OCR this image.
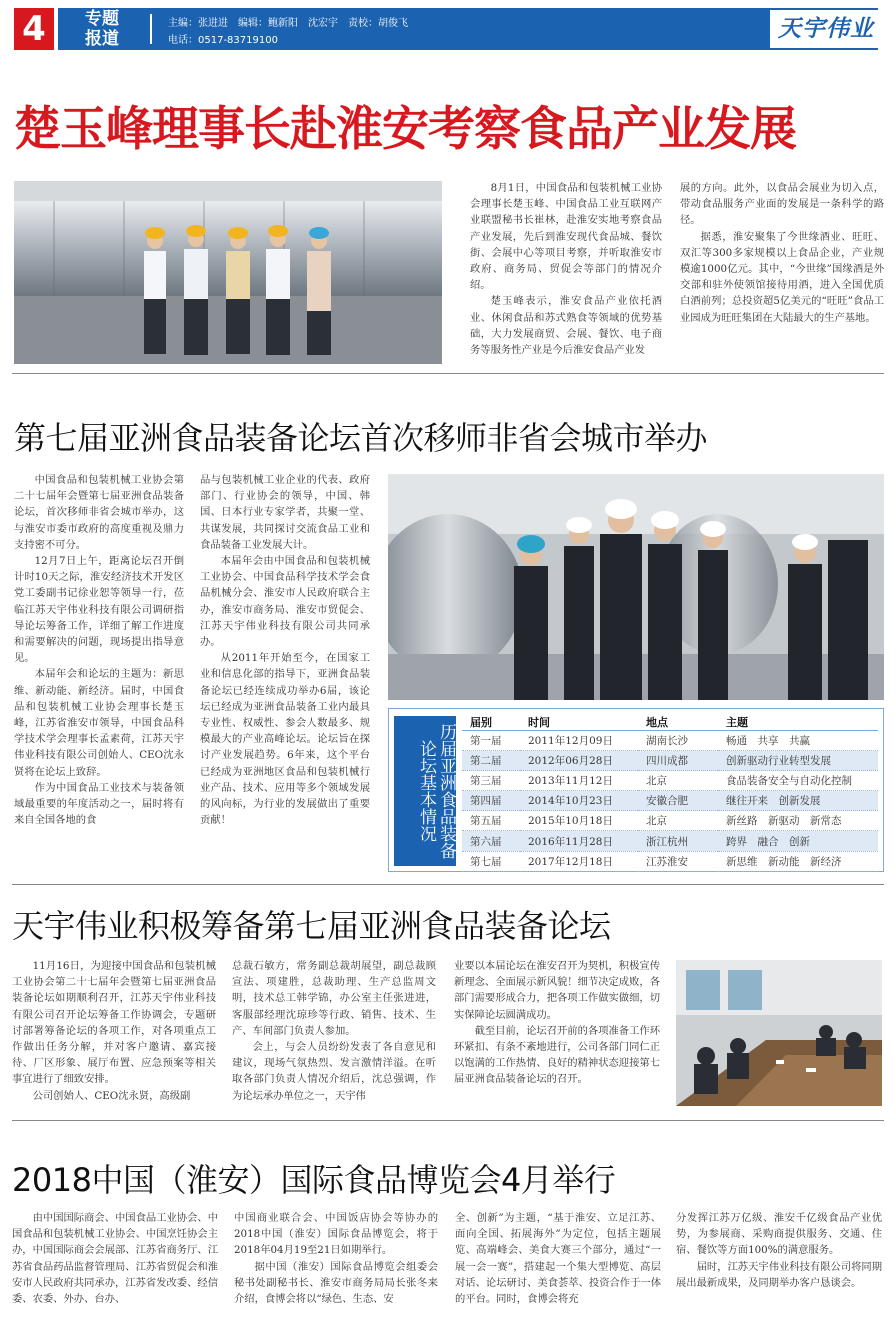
4	专题
报道
主编：张进进　编辑：鲍新阳　沈宏宇　责校：胡俊飞
电话：0517-83719100	天宇伟业
楚玉峰理事长赴淮安考察食品产业发展

8月1日，中国食品和包装机械工业协会理事长楚玉峰、中国食品工业互联网产业联盟秘书长崔林，赴淮安实地考察食品产业发展，先后到淮安现代食品城、餐饮街、会展中心等项目考察，并听取淮安市政府、商务局、贸促会等部门的情况介绍。

楚玉峰表示，淮安食品产业依托酒业、休闲食品和苏式熟食等领域的优势基础，大力发展商贸、会展、餐饮、电子商务等服务性产业是今后淮安食品产业发

展的方向。此外，以食品会展业为切入点，带动食品服务产业面的发展是一条科学的路径。

据悉，淮安聚集了今世缘酒业、旺旺、双汇等300多家规模以上食品企业，产业规模逾1000亿元。其中，“今世缘”国缘酒是外交部和驻外使领馆接待用酒，进入全国优质白酒前列；总投资超5亿美元的“旺旺”食品工业园成为旺旺集团在大陆最大的生产基地。

第七届亚洲食品装备论坛首次移师非省会城市举办

中国食品和包装机械工业协会第二十七届年会暨第七届亚洲食品装备论坛，首次移师非省会城市举办，这与淮安市委市政府的高度重视及鼎力支持密不可分。

12月7日上午，距离论坛召开倒计时10天之际，淮安经济技术开发区党工委副书记徐业恕等领导一行，莅临江苏天宇伟业科技有限公司调研指导论坛筹备工作，详细了解工作进度和需要解决的问题，现场提出指导意见。

本届年会和论坛的主题为：新思维、新动能、新经济。届时，中国食品和包装机械工业协会理事长楚玉峰，江苏省淮安市领导，中国食品科学技术学会理事长孟素荷，江苏天宇伟业科技有限公司创始人、CEO沈永贤将在论坛上致辞。

作为中国食品工业技术与装备领域最重要的年度活动之一，届时将有来自全国各地的食

品与包装机械工业企业的代表、政府部门、行业协会的领导，中国、韩国、日本行业专家学者，共聚一堂、共谋发展，共同探讨交流食品工业和食品装备工业发展大计。

本届年会由中国食品和包装机械工业协会、中国食品科学技术学会食品机械分会、淮安市人民政府联合主办，淮安市商务局、淮安市贸促会、江苏天宇伟业科技有限公司共同承办。

从2011年开始至今，在国家工业和信息化部的指导下，亚洲食品装备论坛已经连续成功举办6届，该论坛已经成为亚洲食品装备工业内最具专业性、权威性、参会人数最多、规模最大的产业高峰论坛。论坛旨在探讨产业发展趋势。6年来，这个平台已经成为亚洲地区食品和包装机械行业产品、技术、应用等多个领域发展的风向标，为行业的发展做出了重要贡献！	历届亚洲食品装备论坛基本情况
届别	时间	地点	主题
第一届	2011年12月09日	湖南长沙	畅通　共享　共赢
第二届	2012年06月28日	四川成都	创新驱动行业转型发展
第三届	2013年11月12日	北京	食品装备安全与自动化控制
第四届	2014年10月23日	安徽合肥	继往开来　创新发展
第五届	2015年10月18日	北京	新丝路　新驱动　新常态
第六届	2016年11月28日	浙江杭州	跨界　融合　创新
第七届	2017年12月18日	江苏淮安	新思维　新动能　新经济
天宇伟业积极筹备第七届亚洲食品装备论坛

11月16日，为迎接中国食品和包装机械工业协会第二十七届年会暨第七届亚洲食品装备论坛如期顺利召开，江苏天宇伟业科技有限公司召开论坛筹备工作协调会，专题研讨部署筹备论坛的各项工作，对各项重点工作做出任务分解，并对客户邀请、嘉宾接待、厂区形象、展厅布置、应急预案等相关事宜进行了细致安排。

公司创始人、CEO沈永贤，高级副

总裁石敏方，常务副总裁胡展望，副总裁顾宣法、项建胜，总裁助理、生产总监周文明，技术总工韩学锦，办公室主任张进进，客服部经理沈琼珍等行政、销售、技术、生产、车间部门负责人参加。

会上，与会人员纷纷发表了各自意见和建议，现场气氛热烈、发言激情洋溢。在听取各部门负责人情况介绍后，沈总强调，作为论坛承办单位之一，天宇伟

业要以本届论坛在淮安召开为契机，积极宣传新理念、全面展示新风貌！细节决定成败，各部门需要形成合力，把各项工作做实做细，切实保障论坛圆满成功。

截至目前，论坛召开前的各项准备工作环环紧扣、有条不紊地进行，公司各部门同仁正以饱满的工作热情、良好的精神状态迎接第七届亚洲食品装备论坛的召开。

2018中国（淮安）国际食品博览会4月举行

由中国国际商会、中国食品工业协会、中国食品和包装机械工业协会、中国烹饪协会主办，中国国际商会会展部、江苏省商务厅、江苏省食品药品监督管理局、江苏省贸促会和淮安市人民政府共同承办，江苏省发改委、经信委、农委、外办、台办、

中国商业联合会、中国饭店协会等协办的2018中国（淮安）国际食品博览会，将于2018年04月19至21日如期举行。

据中国（淮安）国际食品博览会组委会秘书处副秘书长、淮安市商务局局长张冬来介绍，食博会将以“绿色、生态、安

全、创新”为主题，“基于淮安、立足江苏、面向全国、拓展海外”为定位，包括主题展览、高端峰会、美食大赛三个部分，通过“一展一会一赛”，搭建起一个集大型博览、高层对话、论坛研讨、美食荟萃、投资合作于一体的平台。同时，食博会将充

分发挥江苏万亿级、淮安千亿级食品产业优势，为参展商、采购商提供服务、交通、住宿、餐饮等方面100%的满意服务。

届时，江苏天宇伟业科技有限公司将同期展出最新成果，及同期举办客户恳谈会。
